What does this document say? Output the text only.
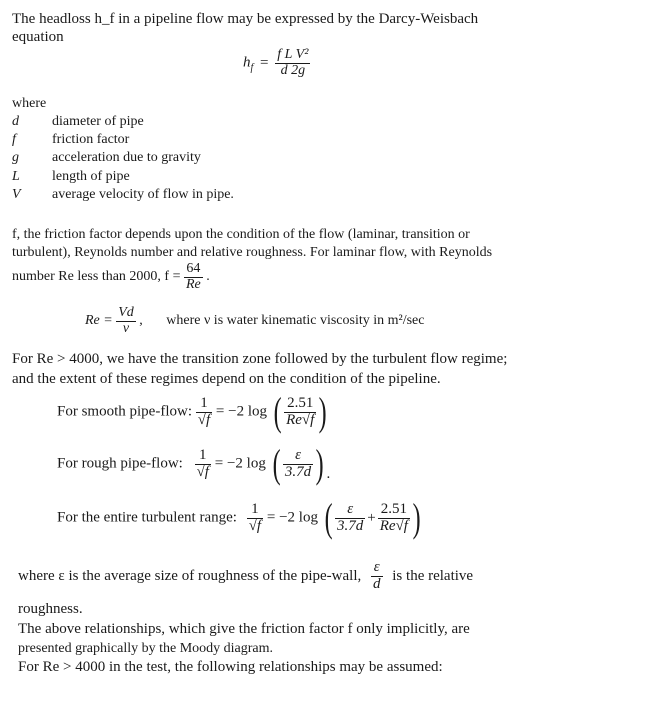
The headloss h_f in a pipeline flow may be expressed by the Darcy-Weisbach
equation
$h_f = \frac{\text{f L V²}}{d 2g}$
where
d diameter of pipe
f	friction factor
g acceleration due to gravity
L length of pipe
V average velocity of flow in pipe.
f, the friction factor depends upon the condition of the flow (laminar, transition or
turbulent), Reynolds number and relative roughness. For laminar flow, with Reynolds
number Re less than 2000, $f = \frac{64}{Re}$ .
$Re = \frac{Vd}{\nu}$ , where ν is water kinematic viscosity in m²/sec
For Re > 4000, we have the transition zone followed by the turbulent flow regime;
and the extent of these regimes depend on the condition of the pipeline.
For smooth pipe-flow: $\frac{1}{√f} = -2$ log ( $\frac{2.51}{Re√f}$ )
For rough pipe-flow: $\frac{1}{√f} = -2$ log ( $\frac{\varepsilon}{3.7d}$ ) .
For the entire turbulent range: $\frac{1}{√f} = -2$ log ( $\frac{\varepsilon}{3.7d} + \frac{2.51}{Re√f}$ )
where ε is the average size of roughness of the pipe-wall, $\frac{\varepsilon}{d}$ is the relative
roughness.
The above relationships, which give the friction factor f only implicitly, are
presented graphically by the Moody diagram.
For Re > 4000 in the test, the following relationships may be assumed:
